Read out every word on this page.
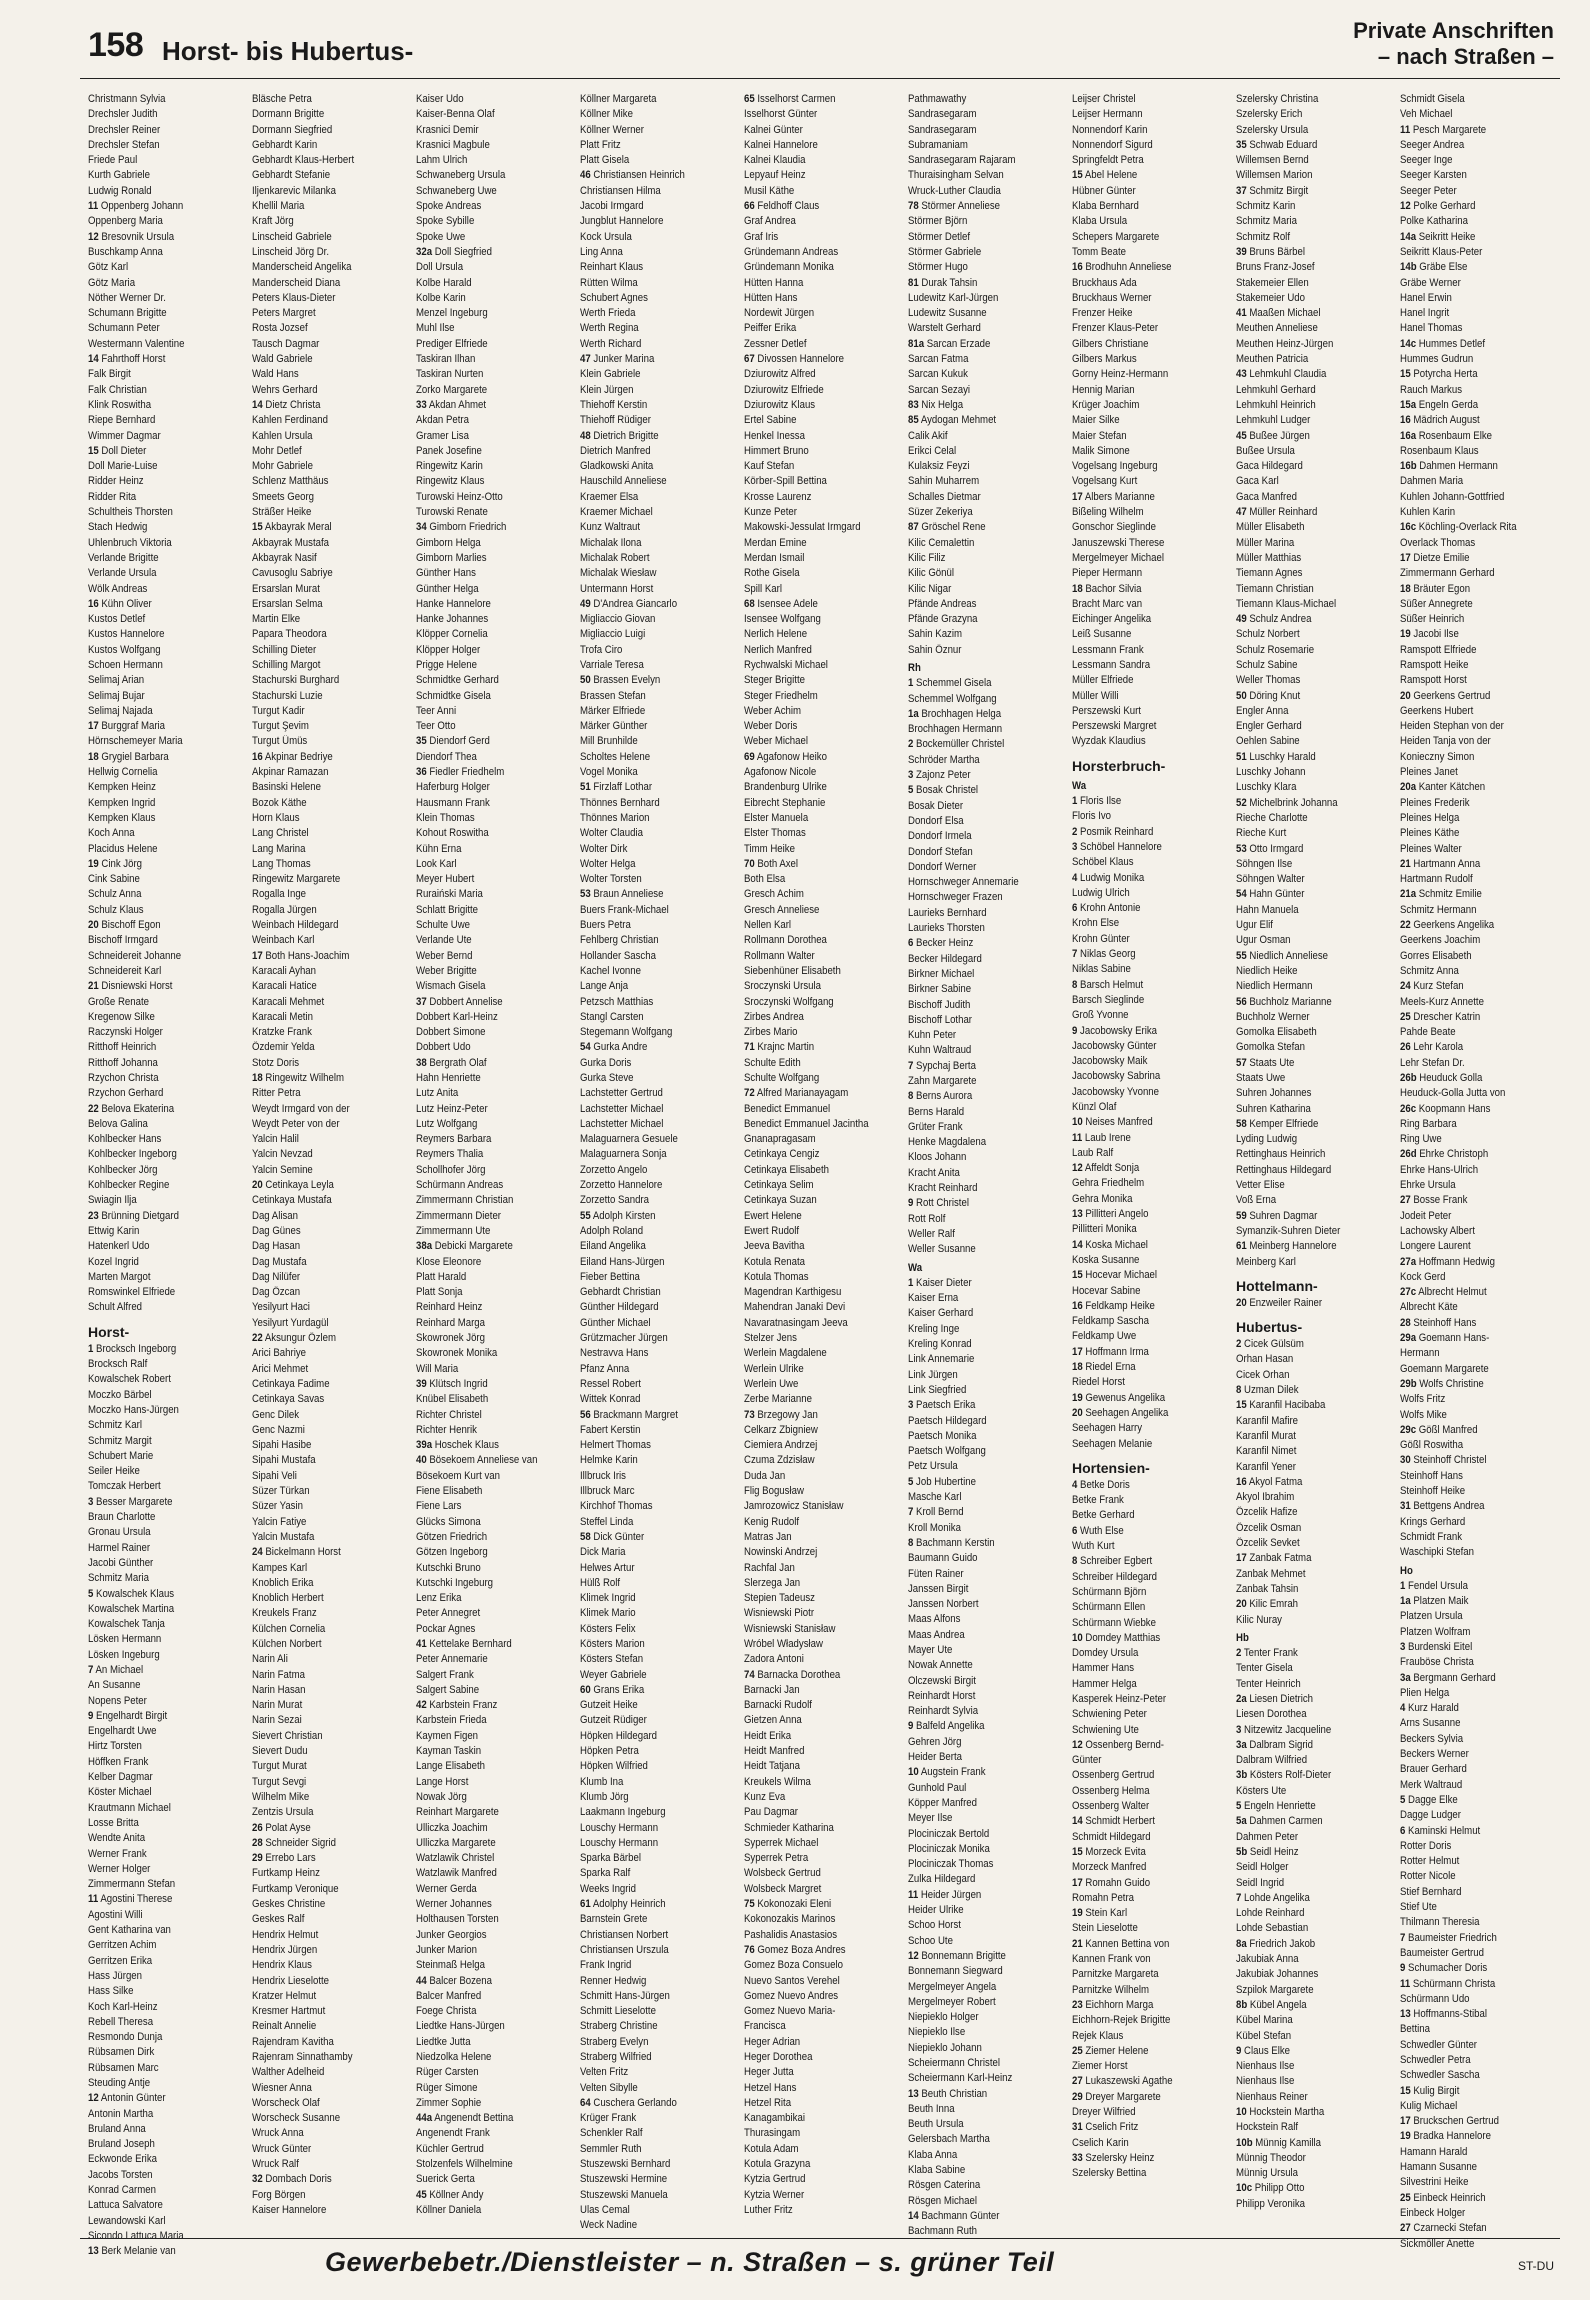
158 Horst- bis Hubertus-
Private Anschriften
– nach Straßen –
Christmann Sylvia
Drechsler Judith
Drechsler Reiner
Drechsler Stefan
Friede Paul
Kurth Gabriele
Ludwig Ronald
11 Oppenberg Johann
Oppenberg Maria
12 Bresovnik Ursula
Buschkamp Anna
Götz Karl
Götz Maria
Nöther Werner Dr.
Schumann Brigitte
Schumann Peter
Westermann Valentine
14 Fahrthoff Horst
Falk Birgit
Falk Christian
Klink Roswitha
Riepe Bernhard
Wimmer Dagmar
15 Doll Dieter
Doll Marie-Luise
Ridder Heinz
Ridder Rita
Schultheis Thorsten
Stach Hedwig
Uhlenbruch Viktoria
Verlande Brigitte
Verlande Ursula
Wölk Andreas
16 Kühn Oliver
Kustos Detlef
Kustos Hannelore
Kustos Wolfgang
Schoen Hermann
Selimaj Arian
Selimaj Bujar
Selimaj Najada
17 Burggraf Maria
Hörnschemeyer Maria
18 Grygiel Barbara
Hellwig Cornelia
Kempken Heinz
Kempken Ingrid
Kempken Klaus
Koch Anna
Placidus Helene
19 Cink Jörg
Cink Sabine
Schulz Anna
Schulz Klaus
20 Bischoff Egon
Bischoff Irmgard
Schneidereit Johanne
Schneidereit Karl
21 Disniewski Horst
Große Renate
Kregenow Silke
Raczynski Holger
Ritthoff Heinrich
Ritthoff Johanna
Rzychon Christa
Rzychon Gerhard
22 Belova Ekaterina
Belova Galina
Kohlbecker Hans
Kohlbecker Ingeborg
Kohlbecker Jörg
Kohlbecker Regine
Swiagin Ilja
23 Brünning Dietgard
Ettwig Karin
Hatenkerl Udo
Kozel Ingrid
Marten Margot
Romswinkel Elfriede
Schult Alfred
Horst-
1 Brocksch Ingeborg
Brocksch Ralf
Kowalschek Robert
Moczko Bärbel
Moczko Hans-Jürgen
Schmitz Karl
Schmitz Margit
Schubert Marie
Seiler Heike
Tomczak Herbert
3 Besser Margarete
Braun Charlotte
Gronau Ursula
Harmel Rainer
Jacobi Günther
Schmitz Maria
5 Kowalschek Klaus
Kowalschek Martina
Kowalschek Tanja
Lösken Hermann
Lösken Ingeburg
7 An Michael
An Susanne
Nopens Peter
9 Engelhardt Birgit
Engelhardt Uwe
Hirtz Torsten
Höffken Frank
Kelber Dagmar
Köster Michael
Krautmann Michael
Losse Britta
Wendte Anita
Werner Frank
Werner Holger
Zimmermann Stefan
11 Agostini Therese
Agostini Willi
Gent Katharina van
Gerritzen Achim
Gerritzen Erika
Hass Jürgen
Hass Silke
Koch Karl-Heinz
Rebell Theresa
Resmondo Dunja
Rübsamen Dirk
Rübsamen Marc
Steuding Antje
12 Antonin Günter
Antonin Martha
Bruland Anna
Bruland Joseph
Eckwonde Erika
Jacobs Torsten
Konrad Carmen
Lattuca Salvatore
Lewandowski Karl
Sicondo Lattuca Maria
13 Berk Melanie van
Bläsche Petra
Dormann Brigitte
Dormann Siegfried
Gebhardt Karin
Gebhardt Klaus-Herbert
Gebhardt Stefanie
Iljenkarevic Milanka
Khellil Maria
Kraft Jörg
Linscheid Gabriele
Linscheid Jörg Dr.
Manderscheid Angelika
Manderscheid Diana
Peters Klaus-Dieter
Peters Margret
Rosta Jozsef
Tausch Dagmar
Wald Gabriele
Wald Hans
Wehrs Gerhard
14 Dietz Christa
Kahlen Ferdinand
Kahlen Ursula
Mohr Detlef
Mohr Gabriele
Schlenz Matthäus
Smeets Georg
Sträßer Heike
15 Akbayrak Meral
Akbayrak Mustafa
Akbayrak Nasif
Cavusoglu Sabriye
Ersarslan Murat
Ersarslan Selma
Martin Elke
Papara Theodora
Schilling Dieter
Schilling Margot
Stachurski Burghard
Stachurski Luzie
Turgut Kadir
Turgut Şevim
Turgut Ümüs
16 Akpinar Bedriye
Akpinar Ramazan
Basinski Helene
Bozok Käthe
Horn Klaus
Lang Christel
Lang Marina
Lang Thomas
Ringewitz Margarete
Rogalla Inge
Rogalla Jürgen
Weinbach Hildegard
Weinbach Karl
17 Both Hans-Joachim
Karacali Ayhan
Karacali Hatice
Karacali Mehmet
Karacali Metin
Kratzke Frank
Özdemir Yelda
Stotz Doris
18 Ringewitz Wilhelm
Ritter Petra
Weydt Irmgard von der
Weydt Peter von der
Yalcin Halil
Yalcin Nevzad
Yalcin Semine
20 Cetinkaya Leyla
Cetinkaya Mustafa
Dag Alisan
Dag Günes
Dag Hasan
Dag Mustafa
Dag Nilüfer
Dag Özcan
Yesilyurt Haci
Yesilyurt Yurdagül
22 Aksungur Özlem
Arici Bahriye
Arici Mehmet
Cetinkaya Fadime
Cetinkaya Savas
Genc Dilek
Genc Nazmi
Sipahi Hasibe
Sipahi Mustafa
Sipahi Veli
Süzer Türkan
Süzer Yasin
Yalcin Fatiye
Yalcin Mustafa
24 Bickelmann Horst
Kampes Karl
Knoblich Erika
Knoblich Herbert
Kreukels Franz
Külchen Cornelia
Külchen Norbert
Narin Ali
Narin Fatma
Narin Hasan
Narin Murat
Narin Sezai
Sievert Christian
Sievert Dudu
Turgut Murat
Turgut Sevgi
Wilhelm Mike
Zentzis Ursula
26 Polat Ayse
28 Schneider Sigrid
29 Errebo Lars
Furtkamp Heinz
Furtkamp Veronique
Geskes Christine
Geskes Ralf
Hendrix Helmut
Hendrix Jürgen
Hendrix Klaus
Hendrix Lieselotte
Kratzer Helmut
Kresmer Hartmut
Reinalt Annelie
Rajendram Kavitha
Rajenram Sinnathamby
Walther Adelheid
Wiesner Anna
Worscheck Olaf
Worscheck Susanne
Wruck Anna
Wruck Günter
Wruck Ralf
32 Dombach Doris
Forg Börgen
Kaiser Hannelore
Kaiser Udo
Kaiser-Benna Olaf
Krasnici Demir
Krasnici Magbule
Lahm Ulrich
Schwaneberg Ursula
Schwaneberg Uwe
Spoke Andreas
Spoke Sybille
Spoke Uwe
32a Doll Siegfried
Doll Ursula
Kolbe Harald
Kolbe Karin
Menzel Ingeburg
Muhl Ilse
Prediger Elfriede
Taskiran Ilhan
Taskiran Nurten
Zorko Margarete
33 Akdan Ahmet
Akdan Petra
Gramer Lisa
Panek Josefine
Ringewitz Karin
Ringewitz Klaus
Turowski Heinz-Otto
Turowski Renate
34 Gimborn Friedrich
Gimborn Helga
Gimborn Marlies
Günther Hans
Günther Helga
Hanke Hannelore
Hanke Johannes
Klöpper Cornelia
Klöpper Holger
Prigge Helene
Schmidtke Gerhard
Schmidtke Gisela
Teer Anni
Teer Otto
35 Diendorf Gerd
Diendorf Thea
36 Fiedler Friedhelm
Haferburg Holger
Hausmann Frank
Klein Thomas
Kohout Roswitha
Kühn Erna
Look Karl
Meyer Hubert
Ruraiński Maria
Schlatt Brigitte
Schulte Uwe
Verlande Ute
Weber Bernd
Weber Brigitte
Wismach Gisela
37 Dobbert Annelise
Dobbert Karl-Heinz
Dobbert Simone
Dobbert Udo
38 Bergrath Olaf
Hahn Henriette
Lutz Anita
Lutz Heinz-Peter
Lutz Wolfgang
Reymers Barbara
Reymers Thalia
Schollhofer Jörg
Schürmann Andreas
Zimmermann Christian
Zimmermann Dieter
Zimmermann Ute
38a Debicki Margarete
Klose Eleonore
Platt Harald
Platt Sonja
Reinhard Heinz
Reinhard Marga
Skowronek Jörg
Skowronek Monika
Will Maria
39 Klütsch Ingrid
Knübel Elisabeth
Richter Christel
Richter Henrik
39a Hoschek Klaus
40 Bösekoem Anneliese van
Bösekoem Kurt van
Fiene Elisabeth
Fiene Lars
Glücks Simona
Götzen Friedrich
Götzen Ingeborg
Kutschki Bruno
Kutschki Ingeburg
Lenz Erika
Peter Annegret
Pockar Agnes
41 Kettelake Bernhard
Peter Annemarie
Salgert Frank
Salgert Sabine
42 Karbstein Franz
Karbstein Frieda
Kaymen Figen
Kayman Taskin
Lange Elisabeth
Lange Horst
Nowak Jörg
Reinhart Margarete
Ulliczka Joachim
Ulliczka Margarete
Watzlawik Christel
Watzlawik Manfred
Werner Gerda
Werner Johannes
Holthausen Torsten
Junker Georgios
Junker Marion
Steinmaß Helga
44 Balcer Bozena
Balcer Manfred
Foege Christa
Liedtke Hans-Jürgen
Liedtke Jutta
Niedzolka Helene
Rüger Carsten
Rüger Simone
Zimmer Sophie
44a Angenendt Bettina
Angenendt Frank
Küchler Gertrud
Stolzenfels Wilhelmine
Suerick Gerta
45 Köllner Andy
Köllner Daniela
Köllner Margareta
Köllner Mike
Köllner Werner
Platt Fritz
Platt Gisela
46 Christiansen Heinrich
Christiansen Hilma
Jacobi Irmgard
Jungblut Hannelore
Kock Ursula
Ling Anna
Reinhart Klaus
Rütten Wilma
Schubert Agnes
Werth Frieda
Werth Regina
Werth Richard
47 Junker Marina
Klein Gabriele
Klein Jürgen
Thiehoff Kerstin
Thiehoff Rüdiger
48 Dietrich Brigitte
Dietrich Manfred
Gladkowski Anita
Hauschild Anneliese
Kraemer Elsa
Kraemer Michael
Kunz Waltraut
Michalak Ilona
Michalak Robert
Michalak Wiesław
Untermann Horst
49 D'Andrea Giancarlo
Migliaccio Giovan
Migliaccio Luigi
Trofa Ciro
Varriale Teresa
50 Brassen Evelyn
Brassen Stefan
Märker Elfriede
Märker Günther
Mill Brunhilde
Scholtes Helene
Vogel Monika
51 Firzlaff Lothar
Thönnes Bernhard
Thönnes Marion
Wolter Claudia
Wolter Dirk
Wolter Helga
Wolter Torsten
53 Braun Anneliese
Buers Frank-Michael
Buers Petra
Fehlberg Christian
Hollander Sascha
Kachel Ivonne
Lange Anja
Petzsch Matthias
Stangl Carsten
Stegemann Wolfgang
54 Gurka Andre
Gurka Doris
Gurka Steve
Lachstetter Gertrud
Lachstetter Michael
Lachstetter Michael
Malaguarnera Gesuele
Malaguarnera Sonja
Zorzetto Angelo
Zorzetto Hannelore
Zorzetto Sandra
55 Adolph Kirsten
Adolph Roland
Eiland Angelika
Eiland Hans-Jürgen
Fieber Bettina
Gebhardt Christian
Günther Hildegard
Günther Michael
Grützmacher Jürgen
Nestravva Hans
Pfanz Anna
Ressel Robert
Wittek Konrad
56 Brackmann Margret
Fabert Kerstin
Helmert Thomas
Helmke Karin
Illbruck Iris
Illbruck Marc
Kirchhof Thomas
Steffel Linda
58 Dick Günter
Dick Maria
Helwes Artur
Hülß Rolf
Klimek Ingrid
Klimek Mario
Kösters Felix
Kösters Marion
Kösters Stefan
Weyer Gabriele
60 Grans Erika
Gutzeit Heike
Gutzeit Rüdiger
Höpken Hildegard
Höpken Petra
Höpken Wilfried
Klumb Ina
Klumb Jörg
Laakmann Ingeburg
Louschy Hermann
Louschy Hermann
Sparka Bärbel
Sparka Ralf
Weeks Ingrid
61 Adolphy Heinrich
Barnstein Grete
Christiansen Norbert
Christiansen Urszula
Frank Ingrid
Renner Hedwig
Schmitt Hans-Jürgen
Schmitt Lieselotte
Straberg Christine
Straberg Evelyn
Straberg Wilfried
Velten Fritz
Velten Sibylle
64 Cuschera Gerlando
Krüger Frank
Schenkler Ralf
Semmler Ruth
Stuszewski Bernhard
Stuszewski Hermine
Stuszewski Manuela
Ulas Cemal
Weck Nadine
65 Isselhorst Carmen
Isselhorst Günter
Kalnei Günter
Kalnei Hannelore
Kalnei Klaudia
Lepyauf Heinz
Musil Käthe
66 Feldhoff Claus
Graf Andrea
Graf Iris
Gründemann Andreas
Gründemann Monika
Hütten Hanna
Hütten Hans
Nordewit Jürgen
Peiffer Erika
Zessner Detlef
67 Divossen Hannelore
Dziurowitz Alfred
Dziurowitz Elfriede
Dziurowitz Klaus
Ertel Sabine
Henkel Inessa
Himmert Bruno
Kauf Stefan
Körber-Spill Bettina
Krosse Laurenz
Kunze Peter
Makowski-Jessulat Irmgard
Merdan Emine
Merdan Ismail
Rothe Gisela
Spill Karl
68 Isensee Adele
Isensee Wolfgang
Nerlich Helene
Nerlich Manfred
Rychwalski Michael
Steger Brigitte
Steger Friedhelm
Weber Achim
Weber Doris
Weber Michael
69 Agafonow Heiko
Agafonow Nicole
Brandenburg Ulrike
Eibrecht Stephanie
Elster Manuela
Elster Thomas
Timm Heike
70 Both Axel
Both Elsa
Gresch Achim
Gresch Anneliese
Nellen Karl
Rollmann Dorothea
Rollmann Walter
Siebenhüner Elisabeth
Sroczynski Ursula
Sroczynski Wolfgang
Zirbes Andrea
Zirbes Mario
71 Krajnc Martin
Schulte Edith
Schulte Wolfgang
72 Alfred Marianayagam
Benedict Emmanuel
Benedict Emmanuel Jacintha
Gnanapragasam
Cetinkaya Cengiz
Cetinkaya Elisabeth
Cetinkaya Selim
Cetinkaya Suzan
Ewert Helene
Ewert Rudolf
Jeeva Bavitha
Kotula Renata
Kotula Thomas
Magendran Karthigesu
Mahendran Janaki Devi
Navaratnasingam Jeeva
Stelzer Jens
Werlein Magdalene
Werlein Ulrike
Werlein Uwe
Zerbe Marianne
73 Brzegowy Jan
Celkarz Zbigniew
Ciemiera Andrzej
Czuma Zdzisław
Duda Jan
Flig Bogusław
Jamrozowicz Stanisław
Kenig Rudolf
Matras Jan
Nowinski Andrzej
Rachfal Jan
Slerzega Jan
Stepien Tadeusz
Wisniewski Piotr
Wisniewski Stanisław
Wróbel Władysław
Zadora Antoni
74 Barnacka Dorothea
Barnacki Jan
Barnacki Rudolf
Gietzen Anna
Heidt Erika
Heidt Manfred
Heidt Tatjana
Kreukels Wilma
Kunz Eva
Pau Dagmar
Schmieder Katharina
Syperrek Michael
Syperrek Petra
Wolsbeck Gertrud
Wolsbeck Margret
75 Kokonozaki Eleni
Kokonozakis Marinos
Pashalidis Anastasios
76 Gomez Boza Andres
Gomez Boza Consuelo
Nuevo Santos Verehel
Gomez Nuevo Andres
Gomez Nuevo Maria-
Francisca
Heger Adrian
Heger Dorothea
Heger Jutta
Hetzel Hans
Hetzel Rita
Kanagambikai
Thurasingam
Kotula Adam
Kotula Grazyna
Kytzia Gertrud
Kytzia Werner
Luther Fritz
Pathmawathy
Sandrasegaram
Sandrasegaram
Subramaniam
Sandrasegaram Rajaram
Thuraisingham Selvan
Wruck-Luther Claudia
78 Störmer Anneliese
Störmer Björn
Störmer Detlef
Störmer Gabriele
Störmer Hugo
81 Durak Tahsin
Ludewitz Karl-Jürgen
Ludewitz Susanne
Warstelt Gerhard
81a Sarcan Erzade
Sarcan Fatma
Sarcan Kukuk
Sarcan Sezayi
83 Nix Helga
85 Aydogan Mehmet
Calik Akif
Erikci Celal
Kulaksiz Feyzi
Sahin Muharrem
Schalles Dietmar
Süzer Zekeriya
87 Gröschel Rene
Kilic Cemalettin
Kilic Filiz
Kilic Gönül
Kilic Nigar
Pfände Andreas
Pfände Grazyna
Sahin Kazim
Sahin Öznur
Rh
1 Schemmel Gisela
Schemmel Wolfgang
1a Brochhagen Helga
Brochhagen Hermann
2 Bockemüller Christel
Schröder Martha
3 Zajonz Peter
5 Bosak Christel
Bosak Dieter
Dondorf Elsa
Dondorf Irmela
Dondorf Stefan
Dondorf Werner
Hornschweger Annemarie
Hornschweger Frazen
Laurieks Bernhard
Laurieks Thorsten
6 Becker Heinz
Becker Hildegard
Birkner Michael
Birkner Sabine
Bischoff Judith
Bischoff Lothar
Kuhn Peter
Kuhn Waltraud
7 Sypchaj Berta
Zahn Margarete
8 Berns Aurora
Berns Harald
Grüter Frank
Henke Magdalena
Kloos Johann
Kracht Anita
Kracht Reinhard
9 Rott Christel
Rott Rolf
Weller Ralf
Weller Susanne
Wa
1 Kaiser Dieter
Kaiser Erna
Kaiser Gerhard
Kreling Inge
Kreling Konrad
Link Annemarie
Link Jürgen
Link Siegfried
3 Paetsch Erika
Paetsch Hildegard
Paetsch Monika
Paetsch Wolfgang
Petz Ursula
5 Job Hubertine
Masche Karl
7 Kroll Bernd
Kroll Monika
8 Bachmann Kerstin
Baumann Guido
Füten Rainer
Janssen Birgit
Janssen Norbert
Maas Alfons
Maas Andrea
Mayer Ute
Nowak Annette
Olczewski Birgit
Reinhardt Horst
Reinhardt Sylvia
9 Balfeld Angelika
Gehren Jörg
Heider Berta
10 Augstein Frank
Gunhold Paul
Köpper Manfred
Meyer Ilse
Plociniczak Bertold
Plociniczak Monika
Plociniczak Thomas
Zulka Hildegard
11 Heider Jürgen
Heider Ulrike
Schoo Horst
Schoo Ute
12 Bonnemann Brigitte
Bonnemann Siegward
Mergelmeyer Angela
Mergelmeyer Robert
Niepieklo Holger
Niepieklo Ilse
Niepieklo Johann
Scheiermann Christel
Scheiermann Karl-Heinz
13 Beuth Christian
Beuth Inna
Beuth Ursula
Gelersbach Martha
Klaba Anna
Klaba Sabine
Rösgen Caterina
Rösgen Michael
14 Bachmann Günter
Bachmann Ruth
Leijser Christel
Leijser Hermann
Nonnendorf Karin
Nonnendorf Sigurd
Springfeldt Petra
15 Abel Helene
Hübner Günter
Klaba Bernhard
Klaba Ursula
Schepers Margarete
Tomm Beate
16 Brodhuhn Anneliese
Bruckhaus Ada
Bruckhaus Werner
Frenzer Heike
Frenzer Klaus-Peter
Gilbers Christiane
Gilbers Markus
Gorny Heinz-Hermann
Hennig Marian
Krüger Joachim
Maier Silke
Maier Stefan
Malik Simone
Vogelsang Ingeburg
Vogelsang Kurt
17 Albers Marianne
Bißeling Wilhelm
Gonschor Sieglinde
Januszewski Therese
Mergelmeyer Michael
Pieper Hermann
18 Bachor Silvia
Bracht Marc van
Eichinger Angelika
Leiß Susanne
Lessmann Frank
Lessmann Sandra
Müller Elfriede
Müller Willi
Perszewski Kurt
Perszewski Margret
Wyzdak Klaudius
Horsterbruch-
Wa
1 Floris Ilse
Floris Ivo
2 Posmik Reinhard
3 Schöbel Hannelore
Schöbel Klaus
4 Ludwig Monika
Ludwig Ulrich
6 Krohn Antonie
Krohn Else
Krohn Günter
7 Niklas Georg
Niklas Sabine
8 Barsch Helmut
Barsch Sieglinde
Groß Yvonne
9 Jacobowsky Erika
Jacobowsky Günter
Jacobowsky Maik
Jacobowsky Sabrina
Jacobowsky Yvonne
Künzl Olaf
10 Neises Manfred
11 Laub Irene
Laub Ralf
12 Affeldt Sonja
Gehra Friedhelm
Gehra Monika
13 Pillitteri Angelo
Pillitteri Monika
14 Koska Michael
Koska Susanne
15 Hocevar Michael
Hocevar Sabine
16 Feldkamp Heike
Feldkamp Sascha
Feldkamp Uwe
17 Hoffmann Irma
18 Riedel Erna
Riedel Horst
19 Gewenus Angelika
20 Seehagen Angelika
Seehagen Harry
Seehagen Melanie
Hortensien-
4 Betke Doris
Betke Frank
Betke Gerhard
6 Wuth Else
Wuth Kurt
8 Schreiber Egbert
Schreiber Hildegard
Schürmann Björn
Schürmann Ellen
Schürmann Wiebke
10 Domdey Matthias
Domdey Ursula
Hammer Hans
Hammer Helga
Kasperek Heinz-Peter
Schwiening Peter
Schwiening Ute
12 Ossenberg Bernd-
Günter
Ossenberg Gertrud
Ossenberg Helma
Ossenberg Walter
14 Schmidt Herbert
Schmidt Hildegard
15 Morzeck Evita
Morzeck Manfred
17 Romahn Guido
Romahn Petra
19 Stein Karl
Stein Lieselotte
21 Kannen Bettina von
Kannen Frank von
Parnitzke Margareta
Parnitzke Wilhelm
23 Eichhorn Marga
Eichhorn-Rejek Brigitte
Rejek Klaus
25 Ziemer Helene
Ziemer Horst
27 Lukaszewski Agathe
29 Dreyer Margarete
Dreyer Wilfried
31 Cselich Fritz
Cselich Karin
33 Szelersky Heinz
Szelersky Bettina
Szelersky Christina
Szelersky Erich
Szelersky Ursula
35 Schwab Eduard
Willemsen Bernd
Willemsen Marion
37 Schmitz Birgit
Schmitz Karin
Schmitz Maria
Schmitz Rolf
39 Bruns Bärbel
Bruns Franz-Josef
Stakemeier Ellen
Stakemeier Udo
41 Maaßen Michael
Meuthen Anneliese
Meuthen Heinz-Jürgen
Meuthen Patricia
43 Lehmkuhl Claudia
Lehmkuhl Gerhard
Lehmkuhl Heinrich
Lehmkuhl Ludger
45 Bußee Jürgen
Bußee Ursula
Gaca Hildegard
Gaca Karl
Gaca Manfred
47 Müller Reinhard
Müller Elisabeth
Müller Marina
Müller Matthias
Tiemann Agnes
Tiemann Christian
Tiemann Klaus-Michael
49 Schulz Andrea
Schulz Norbert
Schulz Rosemarie
Schulz Sabine
Weller Thomas
50 Döring Knut
Engler Anna
Engler Gerhard
Oehlen Sabine
51 Luschky Harald
Luschky Johann
Luschky Klara
52 Michelbrink Johanna
Rieche Charlotte
Rieche Kurt
53 Otto Irmgard
Söhngen Ilse
Söhngen Walter
54 Hahn Günter
Hahn Manuela
Ugur Elif
Ugur Osman
55 Niedlich Anneliese
Niedlich Heike
Niedlich Hermann
56 Buchholz Marianne
Buchholz Werner
Gomolka Elisabeth
Gomolka Stefan
57 Staats Ute
Staats Uwe
Suhren Johannes
Suhren Katharina
58 Kemper Elfriede
Lyding Ludwig
Rettinghaus Heinrich
Rettinghaus Hildegard
Vetter Elise
Voß Erna
59 Suhren Dagmar
Symanzik-Suhren Dieter
61 Meinberg Hannelore
Meinberg Karl
Hottelmann-
20 Enzweiler Rainer
Hubertus-
2 Cicek Gülsüm
Orhan Hasan
Cicek Orhan
8 Uzman Dilek
15 Karanfil Hacibaba
Karanfil Mafire
Karanfil Murat
Karanfil Nimet
Karanfil Yener
16 Akyol Fatma
Akyol Ibrahim
Özcelik Hafize
Özcelik Osman
Özcelik Sevket
17 Zanbak Fatma
Zanbak Mehmet
Zanbak Tahsin
20 Kilic Emrah
Kilic Nuray
Hb
2 Tenter Frank
Tenter Gisela
Tenter Heinrich
2a Liesen Dietrich
Liesen Dorothea
3 Nitzewitz Jacqueline
3a Dalbram Sigrid
Dalbram Wilfried
3b Kösters Rolf-Dieter
Kösters Ute
5 Engeln Henriette
5a Dahmen Carmen
Dahmen Peter
5b Seidl Heinz
Seidl Holger
Seidl Ingrid
7 Lohde Angelika
Lohde Reinhard
Lohde Sebastian
8a Friedrich Jakob
Jakubiak Anna
Jakubiak Johannes
Szpilok Margarete
8b Kübel Angela
Kübel Marina
Kübel Stefan
9 Claus Elke
Nienhaus Ilse
Nienhaus Ilse
Nienhaus Reiner
10 Hockstein Martha
Hockstein Ralf
10b Münnig Kamilla
Münnig Theodor
Münnig Ursula
10c Philipp Otto
Philipp Veronika
Schmidt Gisela
Veh Michael
11 Pesch Margarete
Seeger Andrea
Seeger Inge
Seeger Karsten
Seeger Peter
12 Polke Gerhard
Polke Katharina
14a Seikritt Heike
Seikritt Klaus-Peter
14b Gräbe Else
Gräbe Werner
Hanel Erwin
Hanel Ingrit
Hanel Thomas
14c Hummes Detlef
Hummes Gudrun
15 Potyrcha Herta
Rauch Markus
15a Engeln Gerda
16 Mädrich August
16a Rosenbaum Elke
Rosenbaum Klaus
16b Dahmen Hermann
Dahmen Maria
Kuhlen Johann-Gottfried
Kuhlen Karin
16c Köchling-Overlack Rita
Overlack Thomas
17 Dietze Emilie
Zimmermann Gerhard
18 Bräuter Egon
Süßer Annegrete
Süßer Heinrich
19 Jacobi Ilse
Ramspott Elfriede
Ramspott Heike
Ramspott Horst
20 Geerkens Gertrud
Geerkens Hubert
Heiden Stephan von der
Heiden Tanja von der
Konieczny Simon
Pleines Janet
20a Kanter Kätchen
Pleines Frederik
Pleines Helga
Pleines Käthe
Pleines Walter
21 Hartmann Anna
Hartmann Rudolf
21a Schmitz Emilie
Schmitz Hermann
22 Geerkens Angelika
Geerkens Joachim
Gorres Elisabeth
Schmitz Anna
24 Kurz Stefan
Meels-Kurz Annette
25 Drescher Katrin
Pahde Beate
26 Lehr Karola
Lehr Stefan Dr.
26b Heuduck Golla
Heuduck-Golla Jutta von
26c Koopmann Hans
Ring Barbara
Ring Uwe
26d Ehrke Christoph
Ehrke Hans-Ulrich
Ehrke Ursula
27 Bosse Frank
Jodeit Peter
Lachowsky Albert
Longere Laurent
27a Hoffmann Hedwig
Kock Gerd
27c Albrecht Helmut
Albrecht Käte
28 Steinhoff Hans
29a Goemann Hans-
Hermann
Goemann Margarete
29b Wolfs Christine
Wolfs Fritz
Wolfs Mike
29c Gößl Manfred
Gößl Roswitha
30 Steinhoff Christel
Steinhoff Hans
Steinhoff Heike
31 Bettgens Andrea
Krings Gerhard
Schmidt Frank
Waschipki Stefan
Ho
1 Fendel Ursula
1a Platzen Maik
Platzen Ursula
Platzen Wolfram
3 Burdenski Eitel
Frauböse Christa
3a Bergmann Gerhard
Plien Helga
4 Kurz Harald
Arns Susanne
Beckers Sylvia
Beckers Werner
Brauer Gerhard
Merk Waltraud
5 Dagge Elke
Dagge Ludger
6 Kaminski Helmut
Rotter Doris
Rotter Helmut
Rotter Nicole
Stief Bernhard
Stief Ute
Thilmann Theresia
7 Baumeister Friedrich
Baumeister Gertrud
9 Schumacher Doris
11 Schürmann Christa
Schürmann Udo
13 Hoffmanns-Stibal
Bettina
Schwedler Günter
Schwedler Petra
Schwedler Sascha
15 Kulig Birgit
Kulig Michael
17 Bruckschen Gertrud
19 Bradka Hannelore
Hamann Harald
Hamann Susanne
Silvestrini Heike
25 Einbeck Heinrich
Einbeck Holger
27 Czarnecki Stefan
Sickmöller Anette
Gewerbebetr./Dienstleister – n. Straßen – s. grüner Teil	ST-DU
